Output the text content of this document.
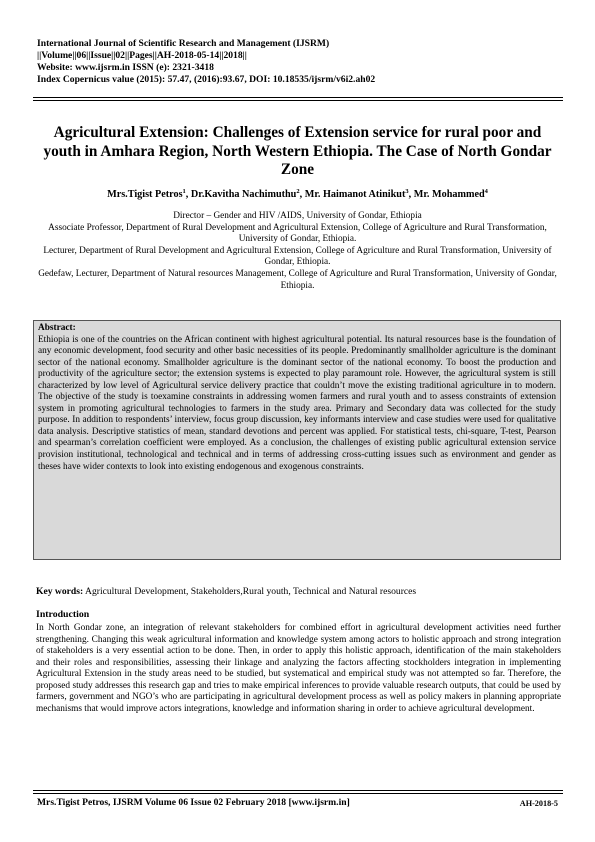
International Journal of Scientific Research and Management (IJSRM)
||Volume||06||Issue||02||Pages||AH-2018-05-14||2018||
Website: www.ijsrm.in ISSN (e): 2321-3418
Index Copernicus value (2015): 57.47, (2016):93.67, DOI: 10.18535/ijsrm/v6i2.ah02
Agricultural Extension: Challenges of Extension service for rural poor and youth in Amhara Region, North Western Ethiopia. The Case of North Gondar Zone
Mrs.Tigist Petros$^1$, Dr.Kavitha Nachimuthu$^2$, Mr. Haimanot Atinikut$^3$, Mr. Mohammed$^4$

Director – Gender and HIV /AIDS, University of Gondar, Ethiopia

Associate Professor, Department of Rural Development and Agricultural Extension, College of Agriculture and Rural Transformation, University of Gondar, Ethiopia.

Lecturer, Department of Rural Development and Agricultural Extension, College of Agriculture and Rural Transformation, University of Gondar, Ethiopia.

Gedefaw, Lecturer, Department of Natural resources Management, College of Agriculture and Rural Transformation, University of Gondar, Ethiopia.

Abstract:

Ethiopia is one of the countries on the African continent with highest agricultural potential. Its natural resources base is the foundation of any economic development, food security and other basic necessities of its people. Predominantly smallholder agriculture is the dominant sector of the national economy. Smallholder agriculture is the dominant sector of the national economy. To boost the production and productivity of the agriculture sector; the extension systems is expected to play paramount role. However, the agricultural system is still characterized by low level of Agricultural service delivery practice that couldn’t move the existing traditional agriculture in to modern. The objective of the study is toexamine constraints in addressing women farmers and rural youth and to assess constraints of extension system in promoting agricultural technologies to farmers in the study area. Primary and Secondary data was collected for the study purpose. In addition to respondents’ interview, focus group discussion, key informants interview and case studies were used for qualitative data analysis. Descriptive statistics of mean, standard devotions and percent was applied. For statistical tests, chi-square, T-test, Pearson and spearman’s correlation coefficient were employed. As a conclusion, the challenges of existing public agricultural extension service provision institutional, technological and technical and in terms of addressing cross-cutting issues such as environment and gender as theses have wider contexts to look into existing endogenous and exogenous constraints.

Key words: Agricultural Development, Stakeholders,Rural youth, Technical and Natural resources
Introduction

In North Gondar zone, an integration of relevant stakeholders for combined effort in agricultural development activities need further strengthening. Changing this weak agricultural information and knowledge system among actors to holistic approach and strong integration of stakeholders is a very essential action to be done. Then, in order to apply this holistic approach, identification of the main stakeholders and their roles and responsibilities, assessing their linkage and analyzing the factors affecting stockholders integration in implementing Agricultural Extension in the study areas need to be studied, but systematical and empirical study was not attempted so far. Therefore, the proposed study addresses this research gap and tries to make empirical inferences to provide valuable research outputs, that could be used by farmers, government and NGO’s who are participating in agricultural development process as well as policy makers in planning appropriate mechanisms that would improve actors integrations, knowledge and information sharing in order to achieve agricultural development.

Mrs.Tigist Petros, IJSRM Volume 06 Issue 02 February 2018 [www.ijsrm.in]	AH-2018-5
